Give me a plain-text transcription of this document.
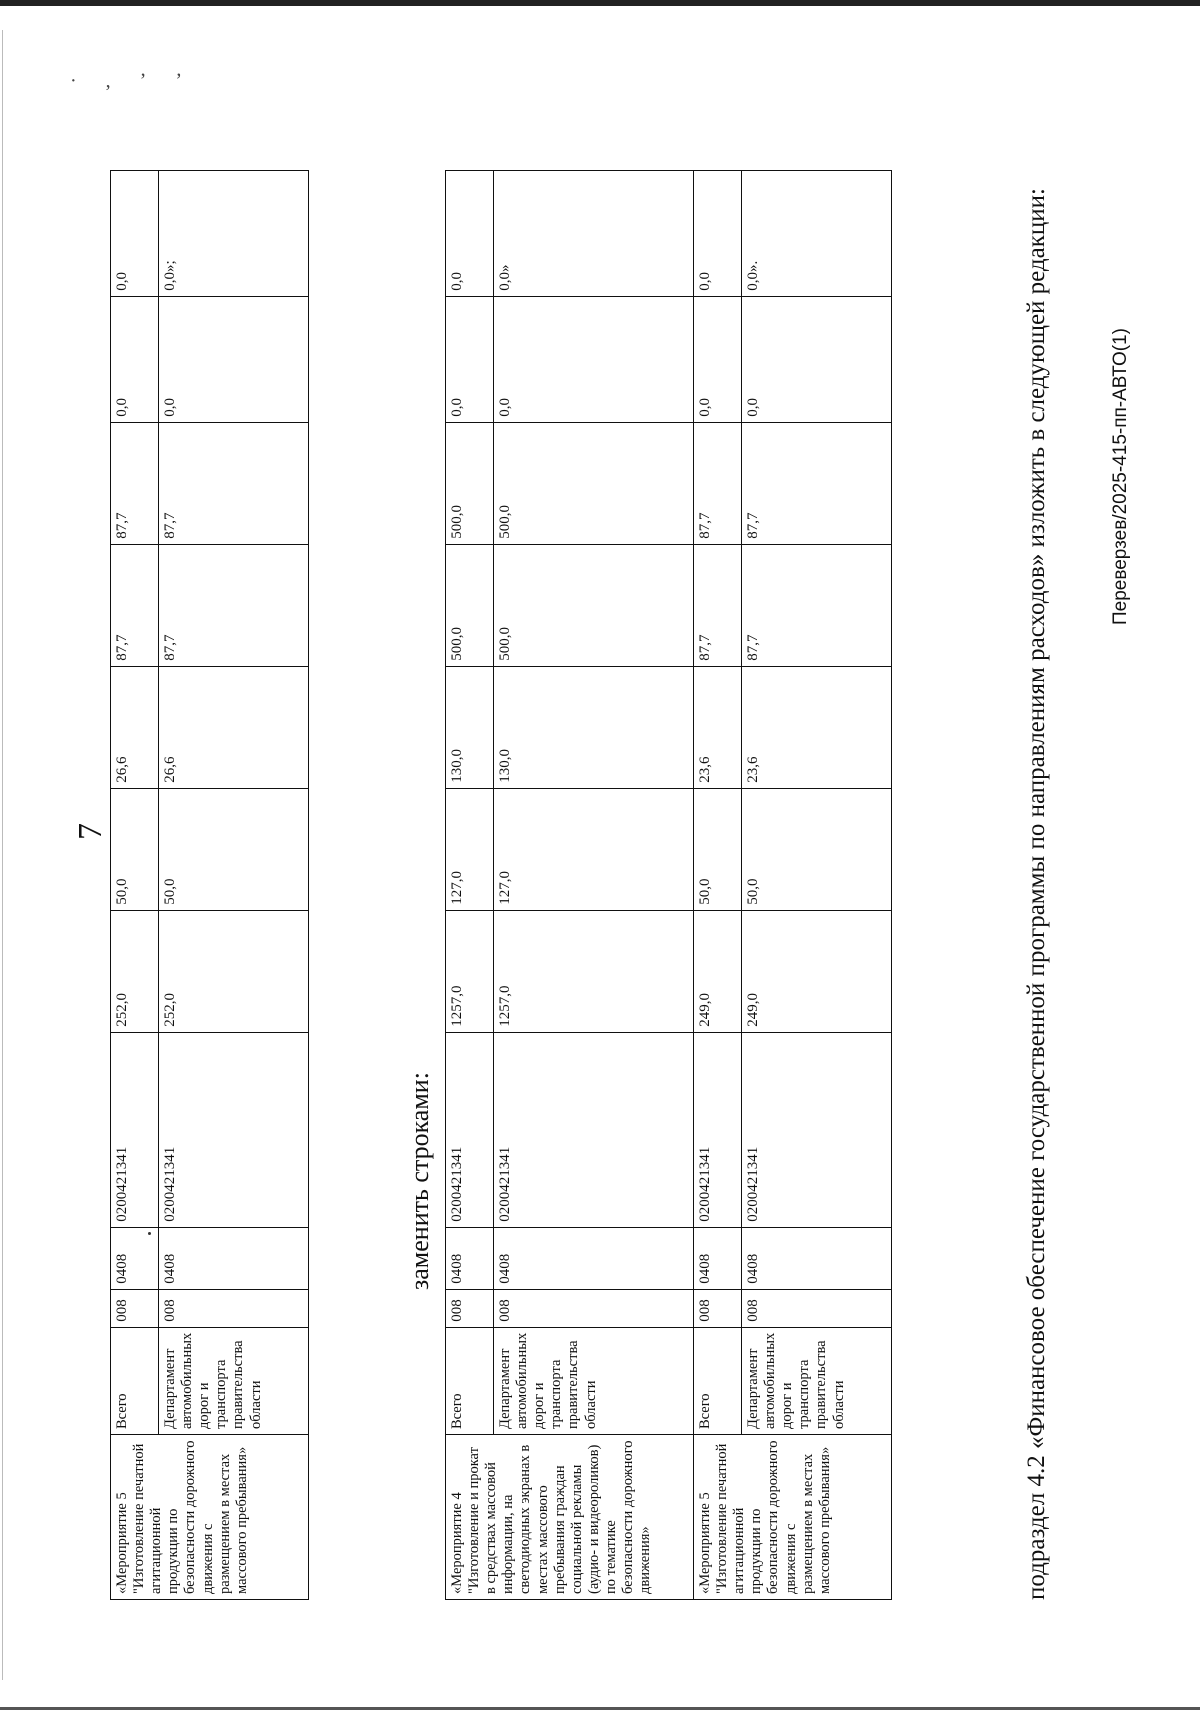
· , ʼ ʼ
7
«Мероприятие 5 "Изготовление печатной агитационной продукции по безопасности дорожного движения с размещением в местах массового пребывания»	Всего	008	0408	0200421341	252,0	50,0	26,6	87,7	87,7	0,0	0,0
	Департамент автомобильных дорог и транспорта правительства области	008	0408	0200421341	252,0	50,0	26,6	87,7	87,7	0,0	0,0»;
заменить строками:
«Мероприятие 4 "Изготовление и прокат в средствах массовой информации, на светодиодных экранах в местах массового пребывания граждан социальной рекламы (аудио- и видеороликов) по тематике безопасности дорожного движения»	Всего	008	0408	0200421341	1257,0	127,0	130,0	500,0	500,0	0,0	0,0
	Департамент автомобильных дорог и транспорта правительства области	008	0408	0200421341	1257,0	127,0	130,0	500,0	500,0	0,0	0,0»
«Мероприятие 5 "Изготовление печатной агитационной продукции по безопасности дорожного движения с размещением в местах массового пребывания»	Всего	008	0408	0200421341	249,0	50,0	23,6	87,7	87,7	0,0	0,0
	Департамент автомобильных дорог и транспорта правительства области	008	0408	0200421341	249,0	50,0	23,6	87,7	87,7	0,0	0,0».	подраздел 4.2 «Финансовое обеспечение государственной программы по направлениям расходов» изложить в следующей редакции:	Переверзев/2025-415-пп-АВТО(1)
